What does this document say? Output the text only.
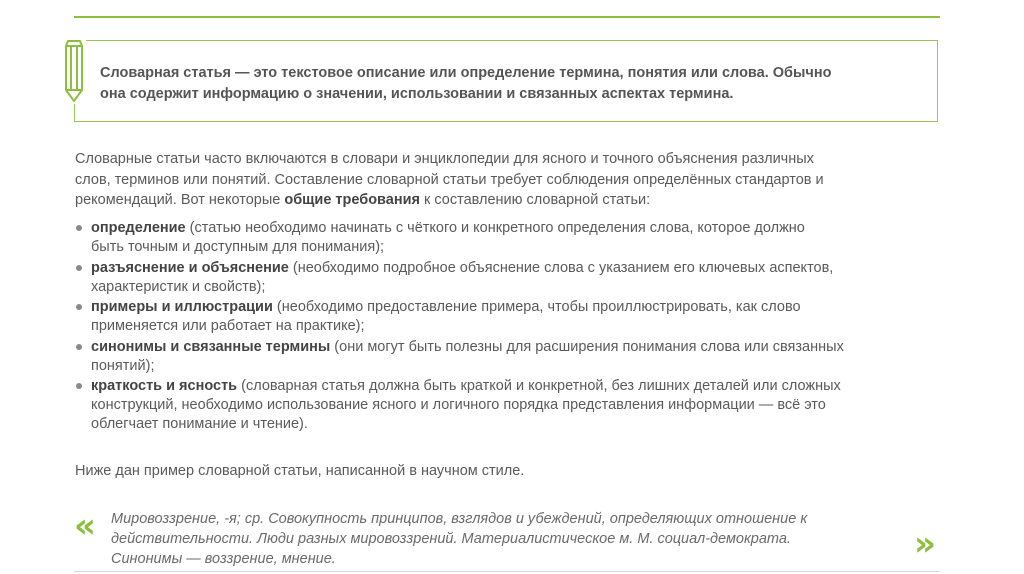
Словарная статья — это текстовое описание или определение термина, понятия или слова. Обычно
она содержит информацию о значении, использовании и связанных аспектах термина.
Словарные статьи часто включаются в словари и энциклопедии для ясного и точного объяснения различных
слов, терминов или понятий. Составление словарной статьи требует соблюдения определённых стандартов и
рекомендаций. Вот некоторые общие требования к составлению словарной статьи:
определение (статью необходимо начинать с чёткого и конкретного определения слова, которое должно
быть точным и доступным для понимания);
разъяснение и объяснение (необходимо подробное объяснение слова с указанием его ключевых аспектов,
характеристик и свойств);
примеры и иллюстрации (необходимо предоставление примера, чтобы проиллюстрировать, как слово
применяется или работает на практике);
синонимы и связанные термины (они могут быть полезны для расширения понимания слова или связанных
понятий);
краткость и ясность (словарная статья должна быть краткой и конкретной, без лишних деталей или сложных
конструкций, необходимо использование ясного и логичного порядка представления информации — всё это
облегчает понимание и чтение).
Ниже дан пример словарной статьи, написанной в научном стиле.
« Мировоззрение, -я; ср. Совокупность принципов, взглядов и убеждений, определяющих отношение к
действительности. Люди разных мировоззрений. Материалистическое м. М. социал-демократа.
Синонимы — воззрение, мнение.	»
